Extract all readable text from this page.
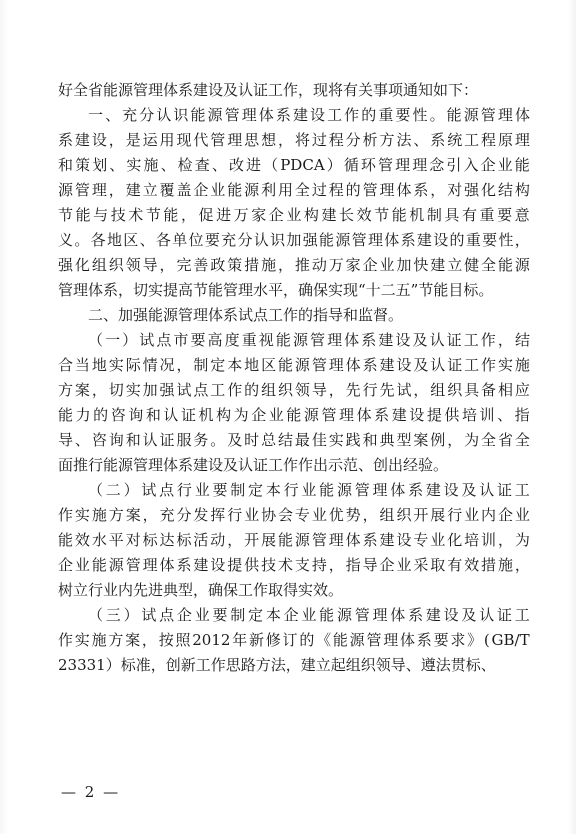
好全省能源管理体系建设及认证工作，现将有关事项通知如下：
一 、 充 分 认 识 能 源 管 理 体 系 建 设 工 作 的 重 要 性 。 能 源 管 理 体
系 建 设 ， 是 运 用 现 代 管 理 思 想 ， 将 过 程 分 析 方 法 、 系 统 工 程 原 理
和 策 划 、 实 施 、 检 查 、 改 进 （ PDCA ） 循 环 管 理 理 念 引 入 企 业 能
源 管 理 ， 建 立 覆 盖 企 业 能 源 利 用 全 过 程 的 管 理 体 系 ， 对 强 化 结 构
节 能 与 技 术 节 能 ， 促 进 万 家 企 业 构 建 长 效 节 能 机 制 具 有 重 要 意
义 。 各 地 区 、 各 单 位 要 充 分 认 识 加 强 能 源 管 理 体 系 建 设 的 重 要 性 ，
强 化 组 织 领 导 ， 完 善 政 策 措 施 ， 推 动 万 家 企 业 加 快 建 立 健 全 能 源
管理体系，切实提高节能管理水平，确保实现“十二五”节能目标。
二、加强能源管理体系试点工作的指导和监督。
（ 一 ） 试 点 市 要 高 度 重 视 能 源 管 理 体 系 建 设 及 认 证 工 作 ， 结
合 当 地 实 际 情 况 ， 制 定 本 地 区 能 源 管 理 体 系 建 设 及 认 证 工 作 实 施
方 案 ， 切 实 加 强 试 点 工 作 的 组 织 领 导 ， 先 行 先 试 ， 组 织 具 备 相 应
能 力 的 咨 询 和 认 证 机 构 为 企 业 能 源 管 理 体 系 建 设 提 供 培 训 、 指
导 、 咨 询 和 认 证 服 务 。 及 时 总 结 最 佳 实 践 和 典 型 案 例 ， 为 全 省 全
面推行能源管理体系建设及认证工作作出示范、创出经验。
（ 二 ） 试 点 行 业 要 制 定 本 行 业 能 源 管 理 体 系 建 设 及 认 证 工
作 实 施 方 案 ， 充 分 发 挥 行 业 协 会 专 业 优 势 ， 组 织 开 展 行 业 内 企 业
能 效 水 平 对 标 达 标 活 动 ， 开 展 能 源 管 理 体 系 建 设 专 业 化 培 训 ， 为
企 业 能 源 管 理 体 系 建 设 提 供 技 术 支 持 ， 指 导 企 业 采 取 有 效 措 施 ，
树立行业内先进典型，确保工作取得实效。
（ 三 ） 试 点 企 业 要 制 定 本 企 业 能 源 管 理 体 系 建 设 及 认 证 工
作 实 施 方 案 ， 按 照 2012 年 新 修 订 的 《 能 源 管 理 体 系 要 求 》 ( GB/T
23331）标准，创新工作思路方法，建立起组织领导、遵法贯标、
— 2 —
